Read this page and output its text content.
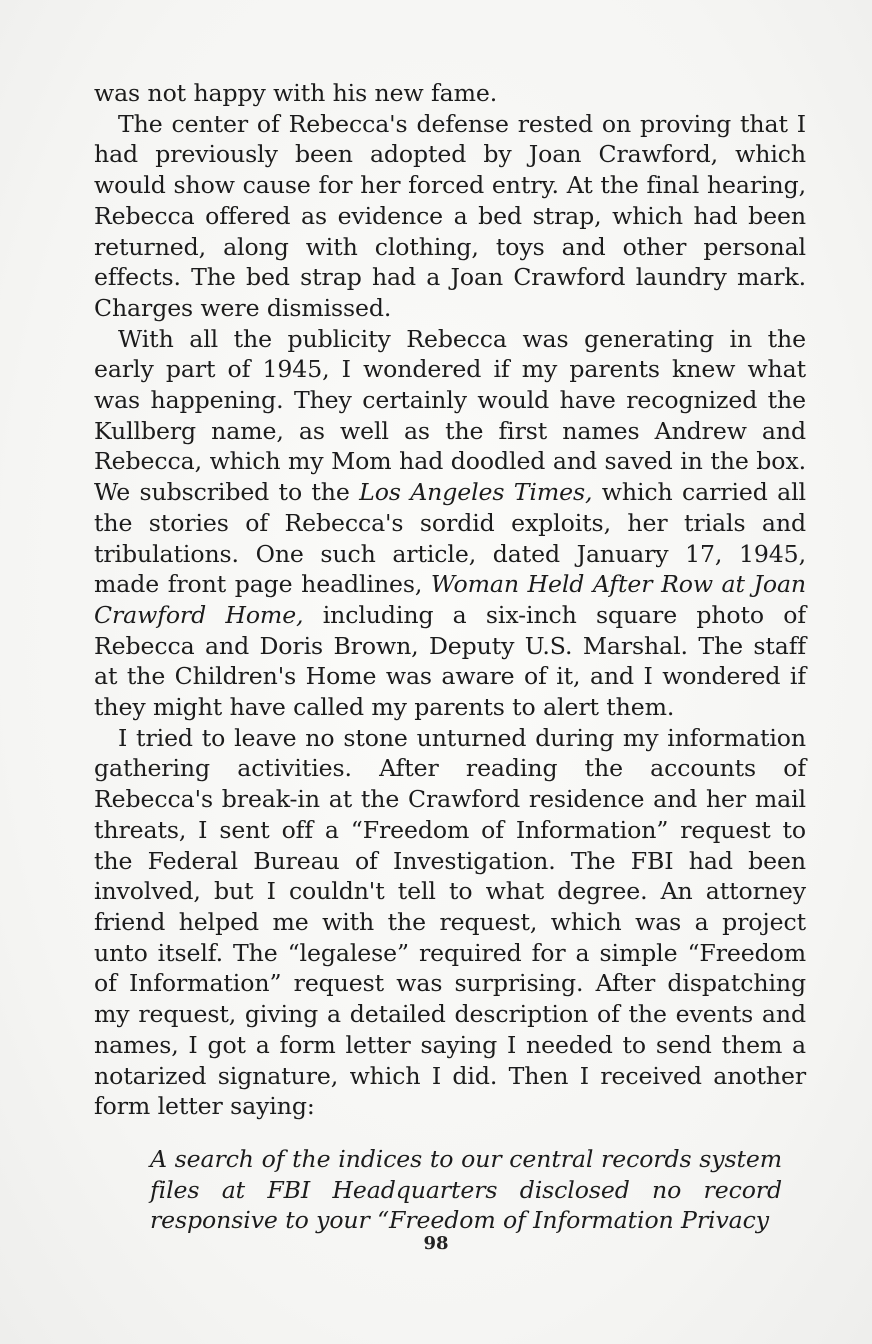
was not happy with his new fame.

The center of Rebecca's defense rested on proving that I had previously been adopted by Joan Crawford, which would show cause for her forced entry. At the final hearing, Rebecca offered as evidence a bed strap, which had been returned, along with clothing, toys and other personal effects. The bed strap had a Joan Crawford laundry mark. Charges were dismissed.

With all the publicity Rebecca was generating in the early part of 1945, I wondered if my parents knew what was happening. They certainly would have recognized the Kullberg name, as well as the first names Andrew and Rebecca, which my Mom had doodled and saved in the box. We subscribed to the Los Angeles Times, which carried all the stories of Rebecca's sordid exploits, her trials and tribulations. One such article, dated January 17, 1945, made front page headlines, Woman Held After Row at Joan Crawford Home, including a six-inch square photo of Rebecca and Doris Brown, Deputy U.S. Marshal. The staff at the Children's Home was aware of it, and I wondered if they might have called my parents to alert them.

I tried to leave no stone unturned during my information gathering activities. After reading the accounts of Rebecca's break-in at the Crawford residence and her mail threats, I sent off a “Freedom of Information” request to the Federal Bureau of Investigation. The FBI had been involved, but I couldn't tell to what degree. An attorney friend helped me with the request, which was a project unto itself. The “legalese” required for a simple “Freedom of Information” request was surprising. After dispatching my request, giving a detailed description of the events and names, I got a form letter saying I needed to send them a notarized signature, which I did. Then I received another form letter saying:

A search of the indices to our central records system files at FBI Headquarters disclosed no record responsive to your “Freedom of Information Privacy

98
